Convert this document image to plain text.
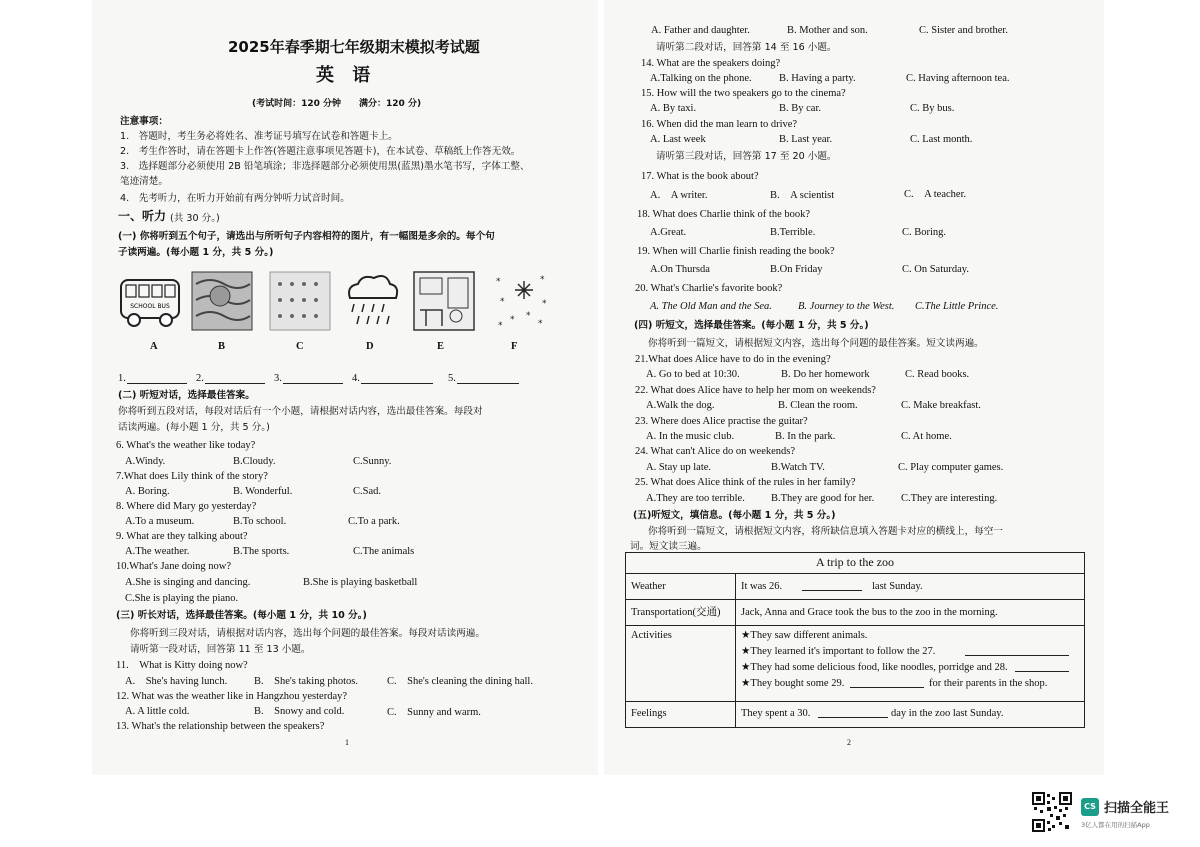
2025年春季期七年级期末模拟考试题
英 语
(考试时间：120 分钟　　满分：120 分)
注意事项：
1.　答题时，考生务必将姓名、准考证号填写在试卷和答题卡上。
2.　考生作答时，请在答题卡上作答(答题注意事项见答题卡)，在本试卷、草稿纸上作答无效。
3.　选择题部分必须使用 2B 铅笔填涂；非选择题部分必须使用黑(蓝黑)墨水笔书写，字体工整、
笔迹清楚。
4.　先考听力，在听力开始前有两分钟听力试音时间。
一、听力 (共 30 分。)
(一) 你将听到五个句子，请选出与所听句子内容相符的图片，有一幅图是多余的。每个句
子读两遍。(每小题 1 分，共 5 分。)
SCHOOL BUS
*	*
*	*
* *
*	*
A	B	C	D	E	F
1.	2.	3.	4.	5.
(二) 听短对话，选择最佳答案。
你将听到五段对话，每段对话后有一个小题，请根据对话内容，选出最佳答案。每段对
话读两遍。(每小题 1 分，共 5 分。)
6. What's the weather like today?
A.Windy.	B.Cloudy.	C.Sunny.
7.What does Lily think of the story?
A. Boring.	B. Wonderful.	C.Sad.
8. Where did Mary go yesterday?
A.To a museum.	B.To school.	C.To a park.
9. What are they talking about?
A.The weather.	B.The sports.	C.The animals
10.What's Jane doing now?
A.She is singing and dancing.	B.She is playing basketball
C.She is playing the piano.
(三) 听长对话，选择最佳答案。(每小题 1 分，共 10 分。)
你将听到三段对话，请根据对话内容，选出每个问题的最佳答案。每段对话读两遍。
请听第一段对话，回答第 11 至 13 小题。
11.　What is Kitty doing now?
A.　She's having lunch.	B.　She's taking photos.	C.　She's cleaning the dining hall.
12. What was the weather like in Hangzhou yesterday?
A. A little cold.	B.　Snowy and cold.	C.　Sunny and warm.
13. What's the relationship between the speakers?
1
A. Father and daughter.	B. Mother and son.	C. Sister and brother.
请听第二段对话，回答第 14 至 16 小题。
14. What are the speakers doing?
A.Talking on the phone.	B. Having a party.	C. Having afternoon tea.
15. How will the two speakers go to the cinema?
A. By taxi.	B. By car.	C. By bus.
16. When did the man learn to drive?
A. Last week	B. Last year.	C. Last month.
请听第三段对话，回答第 17 至 20 小题。
17. What is the book about?
A.　A writer.	B.　A scientist	C.　A teacher.
18. What does Charlie think of the book?
A.Great.	B.Terrible.	C. Boring.
19. When will Charlie finish reading the book?
A.On Thursda	B.On Friday	C. On Saturday.
20. What's Charlie's favorite book?
A. The Old Man and the Sea. B. Journey to the West. C.The Little Prince.
(四) 听短文，选择最佳答案。(每小题 1 分，共 5 分。)
你将听到一篇短文，请根据短文内容，选出每个问题的最佳答案。短文读两遍。
21.What does Alice have to do in the evening?
A. Go to bed at 10:30.	B. Do her homework	C. Read books.
22. What does Alice have to help her mom on weekends?
A.Walk the dog.	B. Clean the room.	C. Make breakfast.
23. Where does Alice practise the guitar?
A. In the music club.	B. In the park.	C. At home.
24. What can't Alice do on weekends?
A. Stay up late.	B.Watch TV.	C. Play computer games.
25. What does Alice think of the rules in her family?
A.They are too terrible. B.They are good for her.	C.They are interesting.
(五)听短文，填信息。(每小题 1 分，共 5 分。)
你将听到一篇短文，请根据短文内容，将所缺信息填入答题卡对应的横线上，每空一
词。短文读三遍。
A trip to the zoo
Weather	It was 26.	last Sunday.
Transportation(交通) Jack, Anna and Grace took the bus to the zoo in the morning.
Activities	★They saw different animals.
★They learned it's important to follow the 27.
★They had some delicious food, like noodles, porridge and 28.
★They bought some 29.	for their parents in the shop.
Feelings	They spent a 30.	day in the zoo last Sunday.
2
CS 扫描全能王
3亿人都在用的扫描App
